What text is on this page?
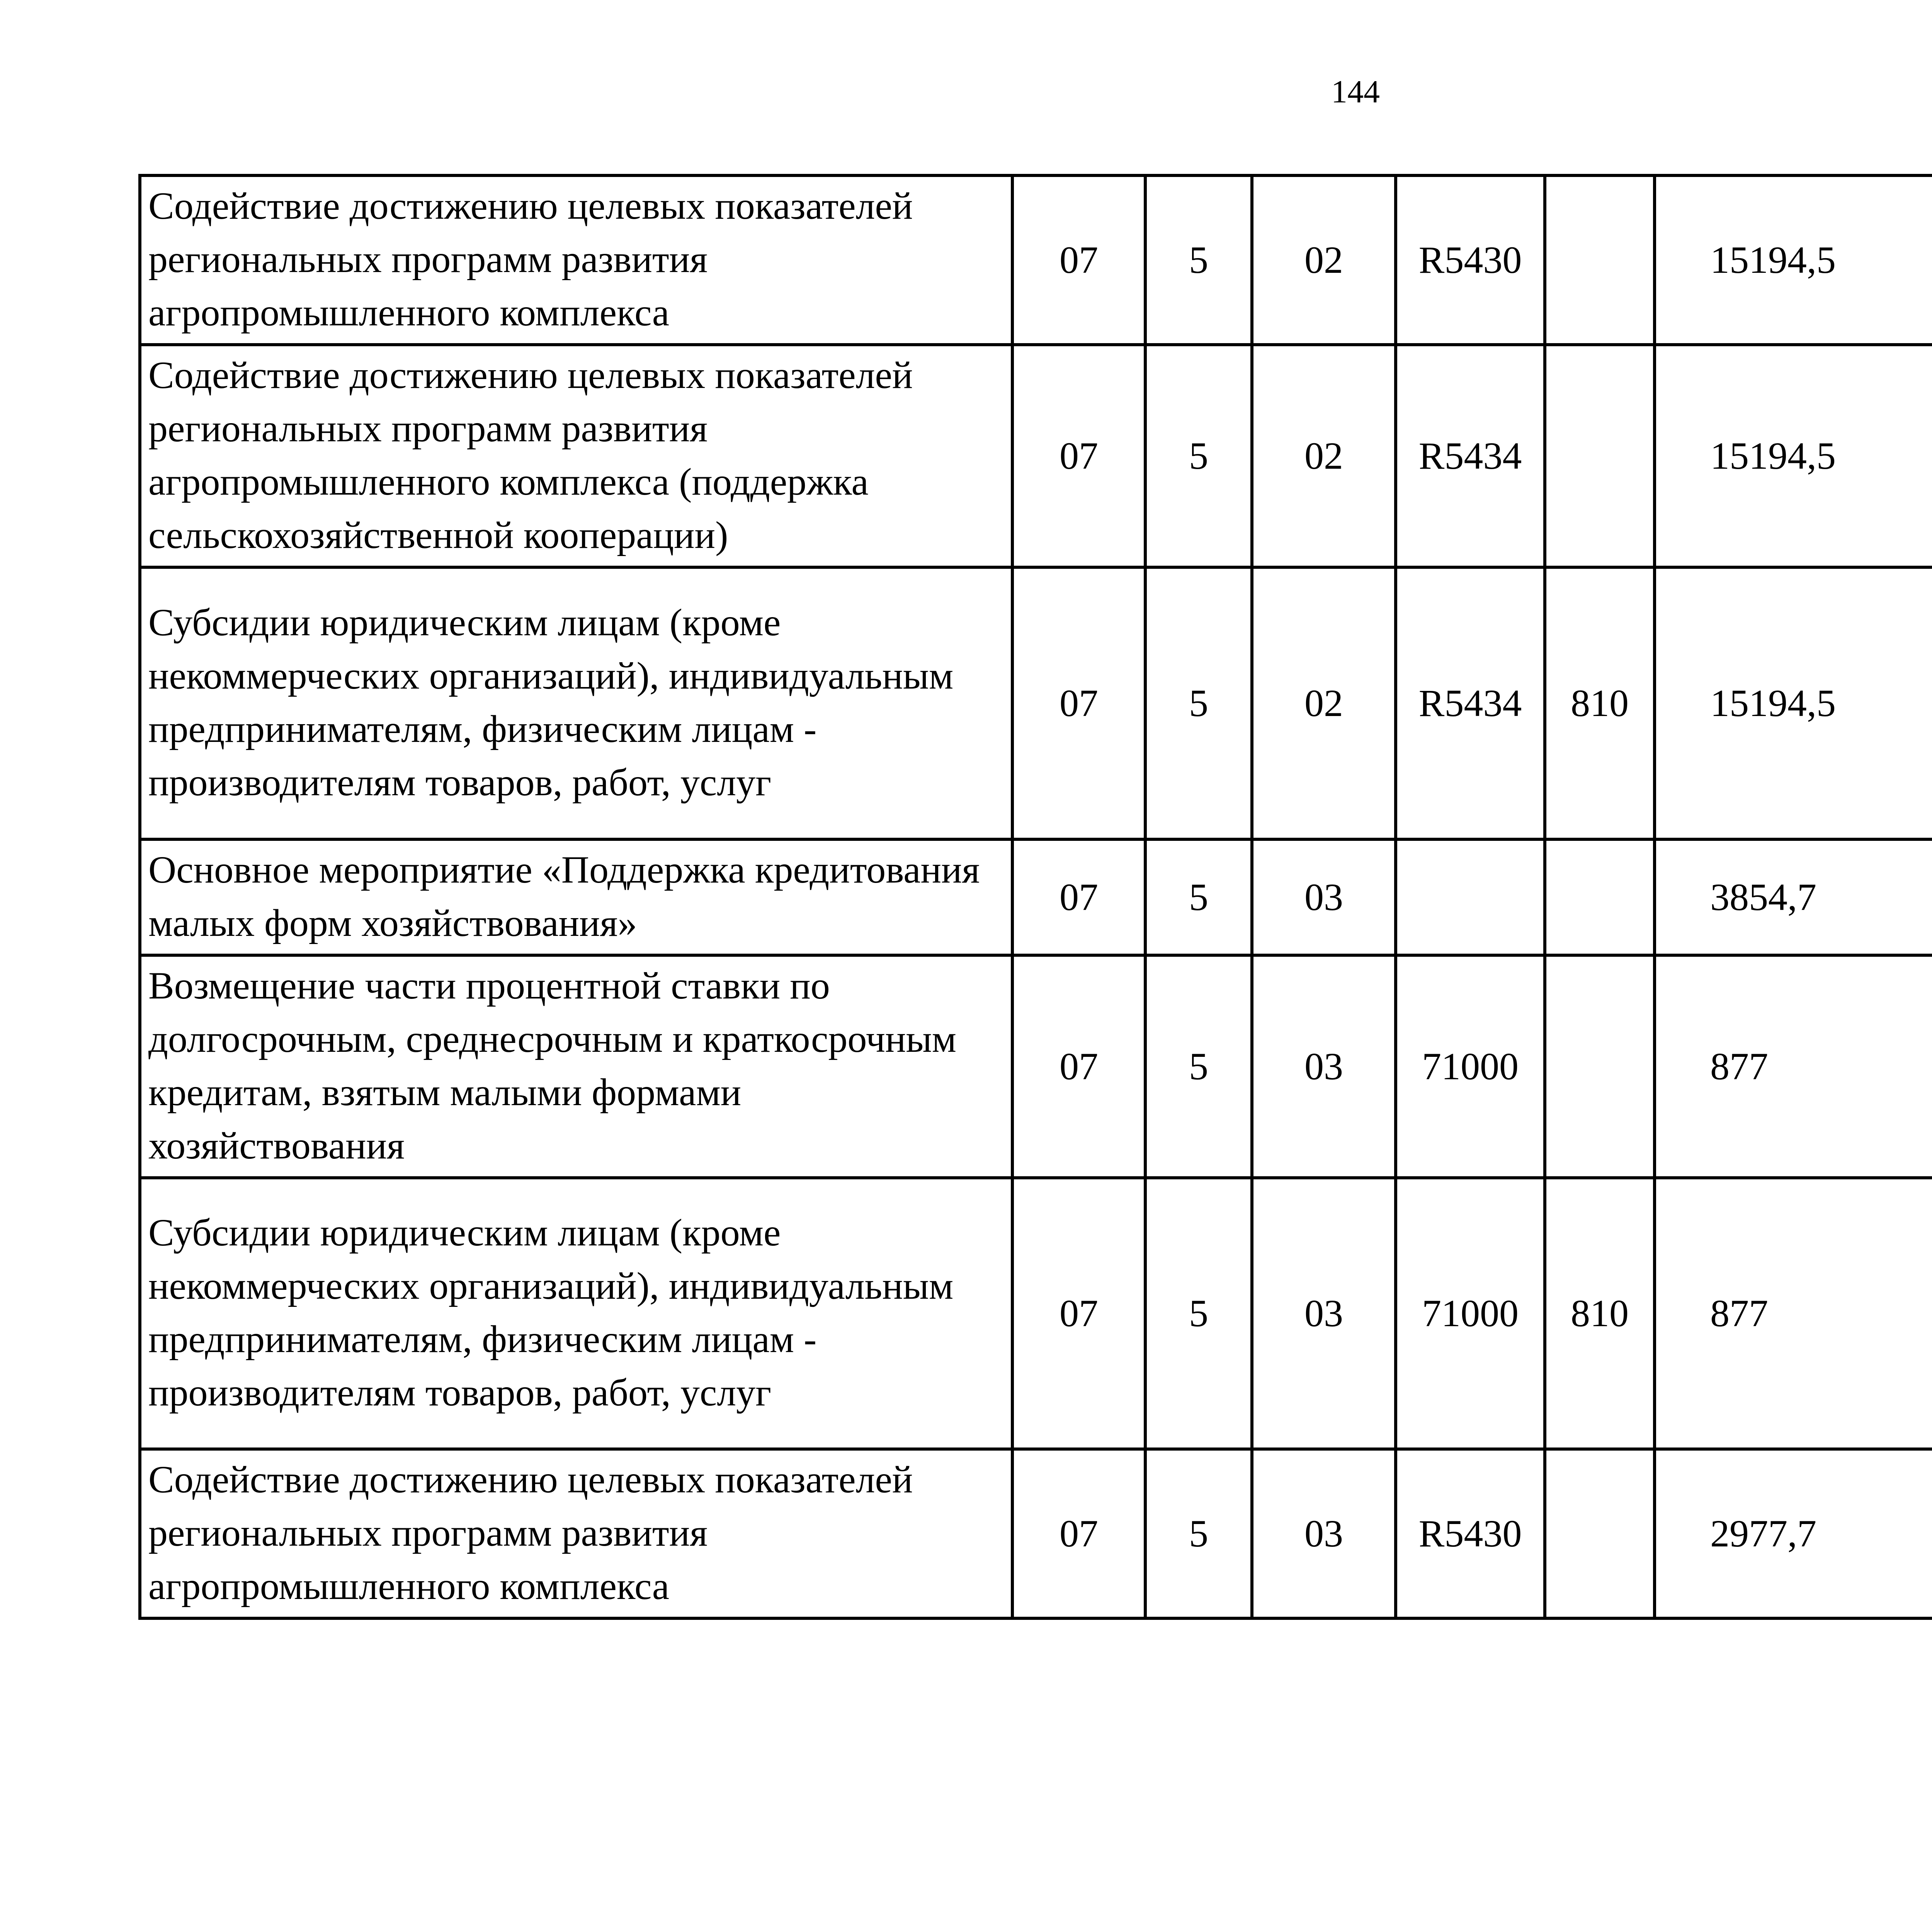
144
Содействие достижению целевых показателей региональных программ развития агропромышленного комплекса	07	5	02	R5430		15194,5		
Содействие достижению целевых показателей региональных программ развития агропромышленного комплекса (поддержка сельскохозяйственной кооперации)	07	5	02	R5434		15194,5		
Субсидии юридическим лицам (кроме некоммерческих организаций), индивидуальным предпринимателям, физическим лицам - производителям товаров, работ, услуг	07	5	02	R5434	810	15194,5		
Основное мероприятие «Поддержка кредитования малых форм хозяйствования»	07	5	03			3854,7		
Возмещение части процентной ставки по долгосрочным, среднесрочным и краткосрочным кредитам, взятым малыми формами хозяйствования	07	5	03	71000		877		
Субсидии юридическим лицам (кроме некоммерческих организаций), индивидуальным предпринимателям, физическим лицам - производителям товаров, работ, услуг	07	5	03	71000	810	877		
Содействие достижению целевых показателей региональных программ развития агропромышленного комплекса	07	5	03	R5430		2977,7		
